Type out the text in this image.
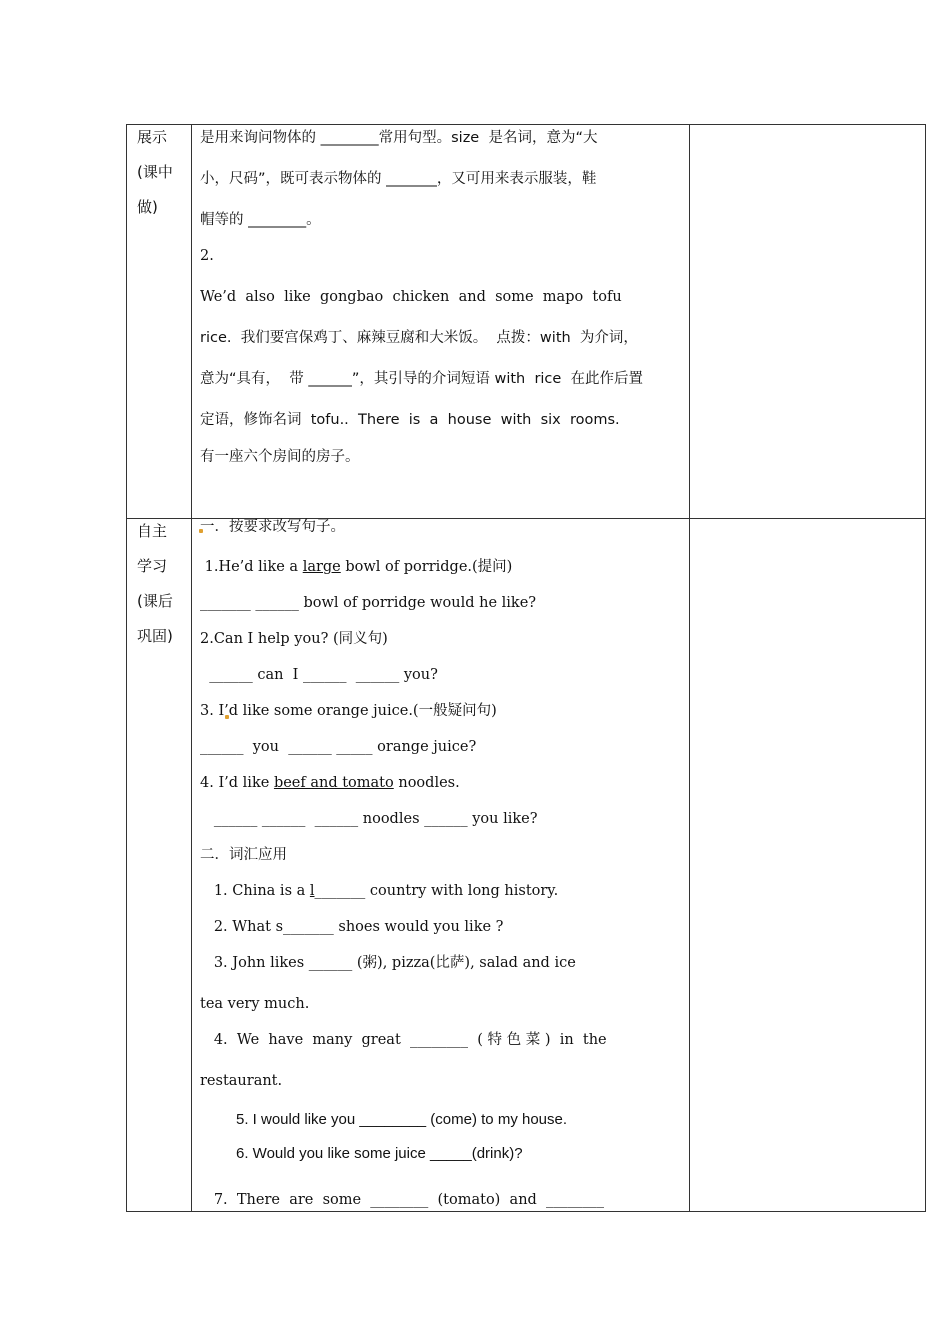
展示
(课中
做)
是用来询问物体的 ________常用句型。size  是名词，意为“大
小，尺码”，既可表示物体的 _______，又可用来表示服装，鞋
帽等的 ________。
2.
We’d  also  like  gongbao  chicken  and  some  mapo  tofu
rice.  我们要宫保鸡丁、麻辣豆腐和大米饭。  点拨：with  为介词，
意为“具有，  带 ______”，其引导的介词短语 with  rice  在此作后置
定语，修饰名词  tofu..  There  is  a  house  with  six  rooms.
有一座六个房间的房子。
自主
学习
(课后
巩固)
一．按要求改写句子。
1.He’d like a large bowl of porridge.(提问)
_______ ______ bowl of porridge would he like?
2.Can I help you? (同义句)
______ can  I ______  ______ you?
3. I’d like some orange juice.(一般疑问句)
______  you  ______ _____ orange juice?
4. I’d like beef and tomato noodles.
______ ______  ______ noodles ______ you like?
二．词汇应用
1. China is a l_______ country with long history.
2. What s_______ shoes would you like ?
3. John likes ______ (粥), pizza(比萨), salad and ice
tea very much.
4.  We  have  many  great  ________  ( 特 色 菜 )  in  the
restaurant.
5. I would like you ________ (come) to my house.
6. Would you like some juice _____(drink)?
7.  There  are  some  ________  (tomato)  and  ________
